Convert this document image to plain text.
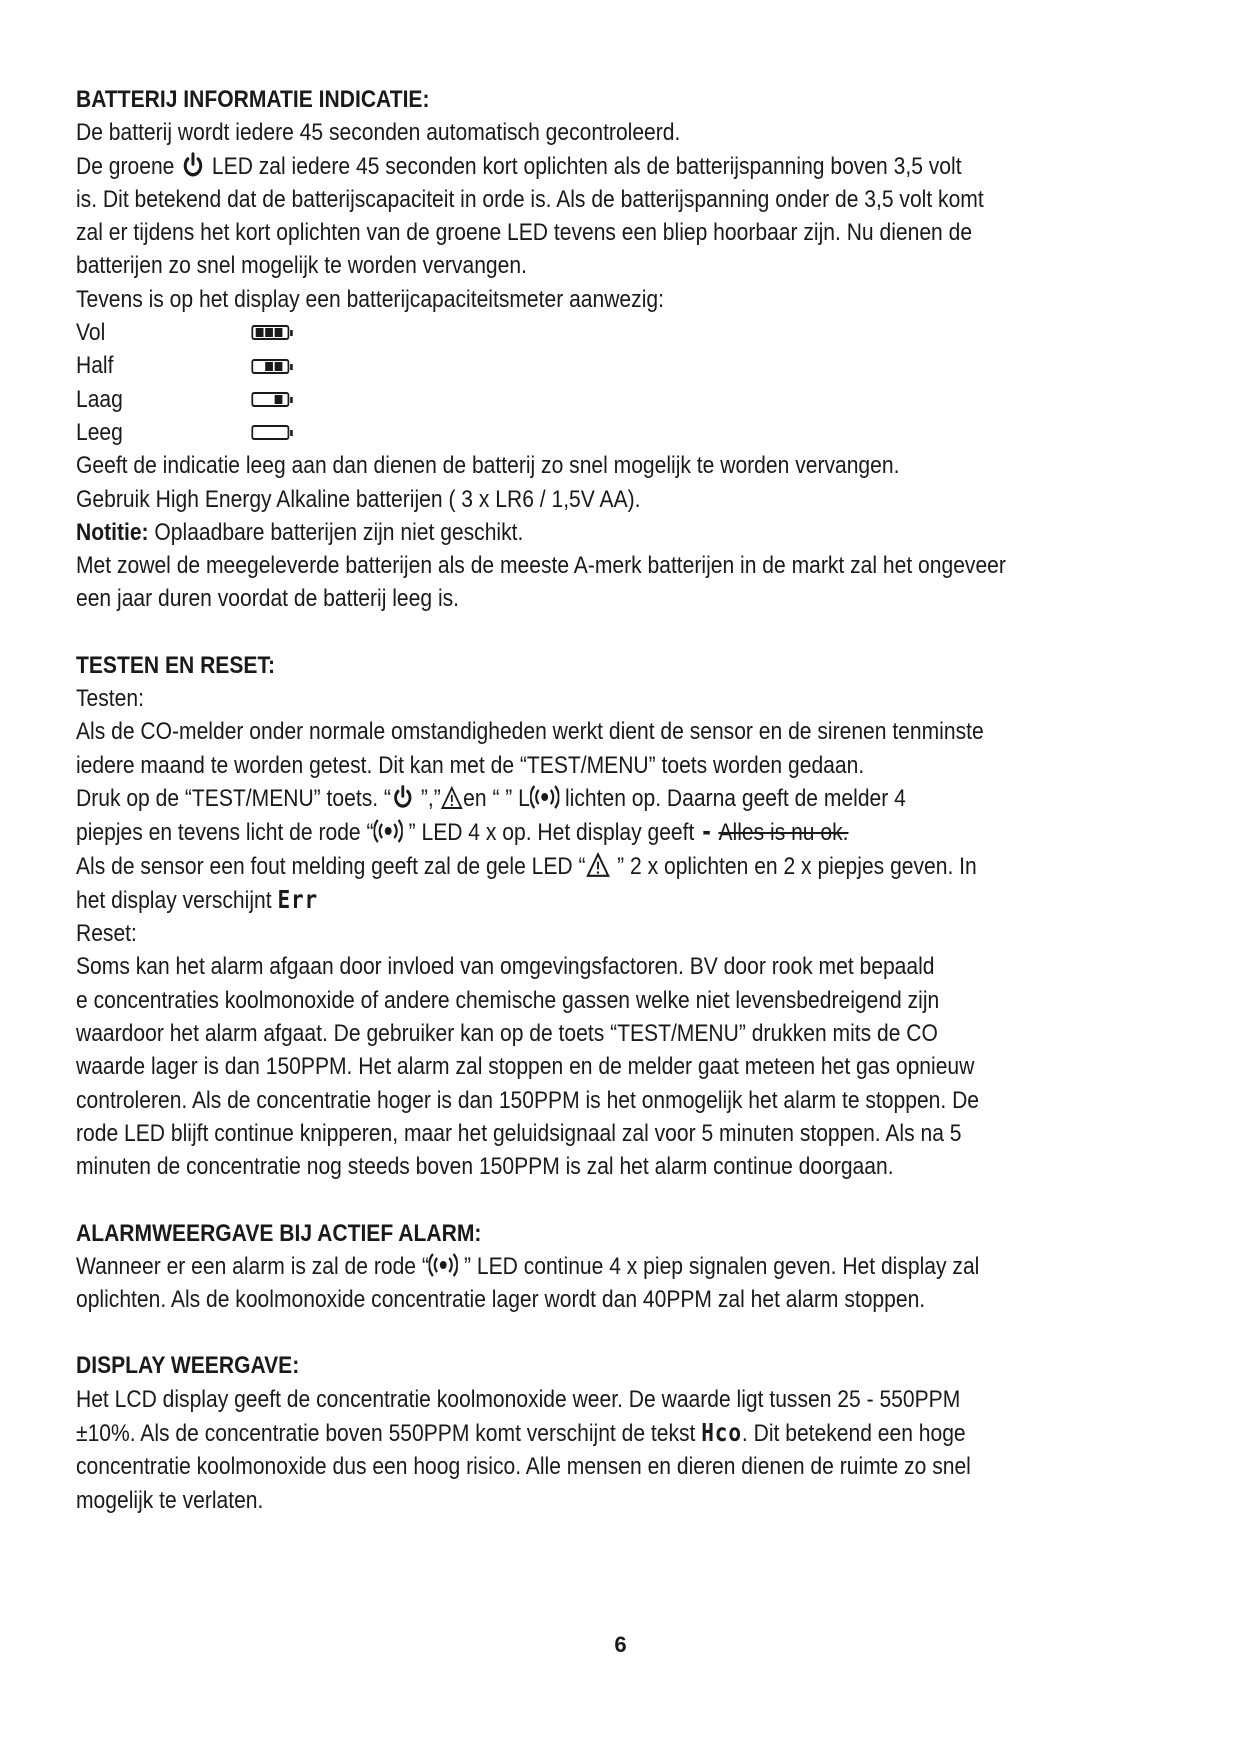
BATTERIJ INFORMATIE INDICATIE:

De batterij wordt iedere 45 seconden automatisch gecontroleerd.

De groene LED zal iedere 45 seconden kort oplichten als de batterijspanning boven 3,5 volt

is. Dit betekend dat de batterijscapaciteit in orde is. Als de batterijspanning onder de 3,5 volt komt

zal er tijdens het kort oplichten van de groene LED tevens een bliep hoorbaar zijn. Nu dienen de

batterijen zo snel mogelijk te worden vervangen.

Tevens is op het display een batterijcapaciteitsmeter aanwezig:

Vol
Half
Laag
Leeg

Geeft de indicatie leeg aan dan dienen de batterij zo snel mogelijk te worden vervangen.

Gebruik High Energy Alkaline batterijen ( 3 x LR6 / 1,5V AA).

Notitie: Oplaadbare batterijen zijn niet geschikt.

Met zowel de meegeleverde batterijen als de meeste A-merk batterijen in de markt zal het ongeveer

een jaar duren voordat de batterij leeg is.

TESTEN EN RESET:

Testen:

Als de CO-melder onder normale omstandigheden werkt dient de sensor en de sirenen tenminste

iedere maand te worden getest. Dit kan met de “TEST/MENU” toets worden gedaan.

Druk op de “TEST/MENU” toets. “ ”,” en “ ” L lichten op. Daarna geeft de melder 4

piepjes en tevens licht de rode “ ” LED 4 x op. Het display geeft - Alles is nu ok.

Als de sensor een fout melding geeft zal de gele LED “ ” 2 x oplichten en 2 x piepjes geven. In

het display verschijnt Err

Reset:

Soms kan het alarm afgaan door invloed van omgevingsfactoren. BV door rook met bepaald

e concentraties koolmonoxide of andere chemische gassen welke niet levensbedreigend zijn

waardoor het alarm afgaat. De gebruiker kan op de toets “TEST/MENU” drukken mits de CO

waarde lager is dan 150PPM. Het alarm zal stoppen en de melder gaat meteen het gas opnieuw

controleren. Als de concentratie hoger is dan 150PPM is het onmogelijk het alarm te stoppen. De

rode LED blijft continue knipperen, maar het geluidsignaal zal voor 5 minuten stoppen. Als na 5

minuten de concentratie nog steeds boven 150PPM is zal het alarm continue doorgaan.

ALARMWEERGAVE BIJ ACTIEF ALARM:

Wanneer er een alarm is zal de rode “ ” LED continue 4 x piep signalen geven. Het display zal

oplichten. Als de koolmonoxide concentratie lager wordt dan 40PPM zal het alarm stoppen.

DISPLAY WEERGAVE:

Het LCD display geeft de concentratie koolmonoxide weer. De waarde ligt tussen 25 - 550PPM

±10%. Als de concentratie boven 550PPM komt verschijnt de tekst Hco. Dit betekend een hoge

concentratie koolmonoxide dus een hoog risico. Alle mensen en dieren dienen de ruimte zo snel

mogelijk te verlaten.

6
